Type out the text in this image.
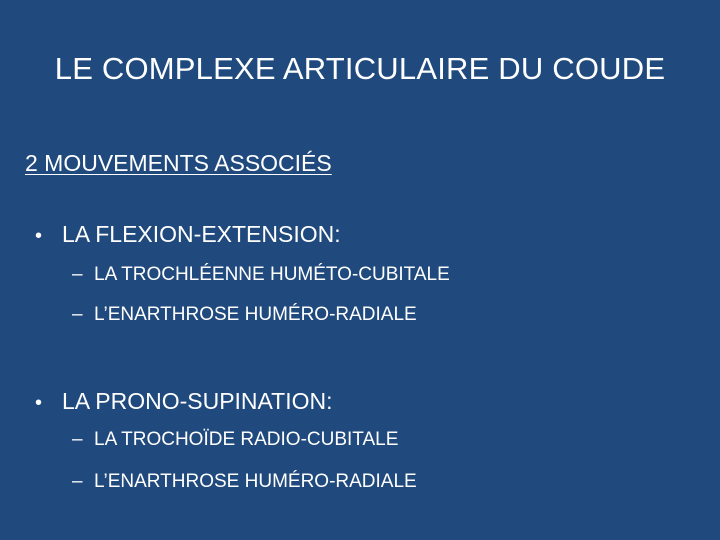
LE COMPLEXE ARTICULAIRE DU COUDE
2 MOUVEMENTS ASSOCIÉS
• LA FLEXION-EXTENSION:
– LA TROCHLÉENNE HUMÉTO-CUBITALE
– L’ENARTHROSE HUMÉRO-RADIALE
• LA PRONO-SUPINATION:
– LA TROCHOÏDE RADIO-CUBITALE
– L’ENARTHROSE HUMÉRO-RADIALE
